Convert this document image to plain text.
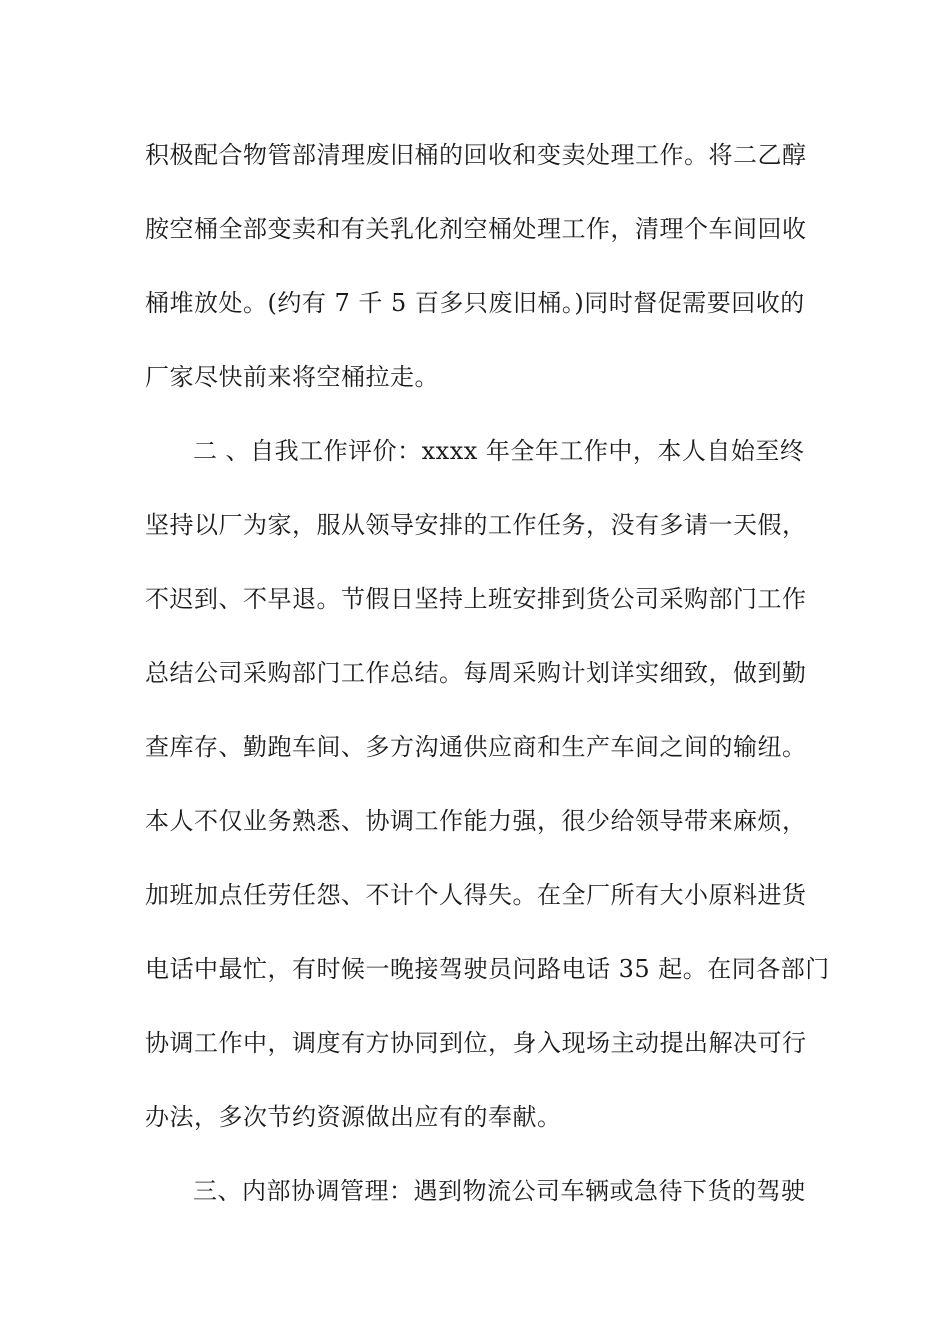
积极配合物管部清理废旧桶的回收和变卖处理工作。将二乙醇
胺空桶全部变卖和有关乳化剂空桶处理工作，清理个车间回收
桶堆放处。(约有 7 千 5 百多只废旧桶。)同时督促需要回收的
厂家尽快前来将空桶拉走。
二 、自我工作评价：xxxx 年全年工作中，本人自始至终
坚持以厂为家，服从领导安排的工作任务，没有多请一天假，
不迟到、不早退。节假日坚持上班安排到货公司采购部门工作
总结公司采购部门工作总结。每周采购计划详实细致，做到勤
查库存、勤跑车间、多方沟通供应商和生产车间之间的输纽。
本人不仅业务熟悉、协调工作能力强，很少给领导带来麻烦，
加班加点任劳任怨、不计个人得失。在全厂所有大小原料进货
电话中最忙，有时候一晚接驾驶员问路电话 35 起。在同各部门
协调工作中，调度有方协同到位，身入现场主动提出解决可行
办法，多次节约资源做出应有的奉献。
三、内部协调管理：遇到物流公司车辆或急待下货的驾驶
